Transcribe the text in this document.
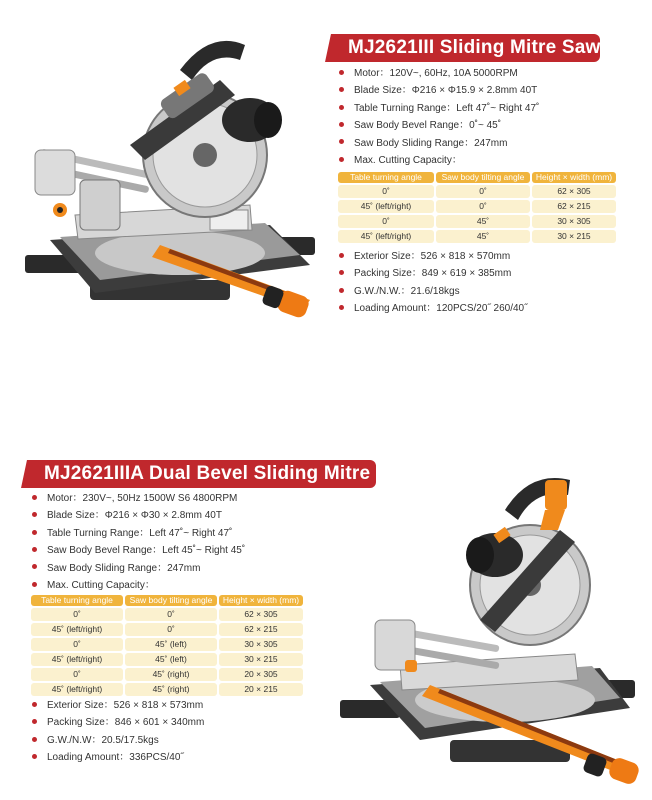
MJ2621III Sliding Mitre Saw
Motor：120V~, 60Hz, 10A 5000RPM
Blade Size：Φ216 × Φ15.9 × 2.8mm 40T
Table Turning Range：Left 47˚~ Right 47˚
Saw Body Bevel Range：0˚~ 45˚
Saw Body Sliding Range：247mm
Max. Cutting Capacity：
Table turning angle	Saw body tilting angle	Height × width (mm)
0˚	0˚	62 × 305
45˚ (left/right)	0˚	62 × 215
0˚	45˚	30 × 305
45˚ (left/right)	45˚	30 × 215
Exterior Size：526 × 818 × 570mm
Packing Size：849 × 619 × 385mm
G.W./N.W.：21.6/18kgs
Loading Amount：120PCS/20˝ 260/40˝
MJ2621IIIA Dual Bevel Sliding Mitre Saw
Motor：230V~, 50Hz 1500W S6 4800RPM
Blade Size：Φ216 × Φ30 × 2.8mm 40T
Table Turning Range：Left 47˚~ Right 47˚
Saw Body Bevel Range：Left 45˚~ Right 45˚
Saw Body Sliding Range：247mm
Max. Cutting Capacity：
Table turning angle	Saw body tilting angle	Height × width (mm)
0˚	0˚	62 × 305
45˚ (left/right)	0˚	62 × 215
0˚	45˚ (left)	30 × 305
45˚ (left/right)	45˚ (left)	30 × 215
0˚	45˚ (right)	20 × 305
45˚ (left/right)	45˚ (right)	20 × 215
Exterior Size：526 × 818 × 573mm
Packing Size：846 × 601 × 340mm
G.W./N.W：20.5/17.5kgs
Loading Amount：336PCS/40˝
